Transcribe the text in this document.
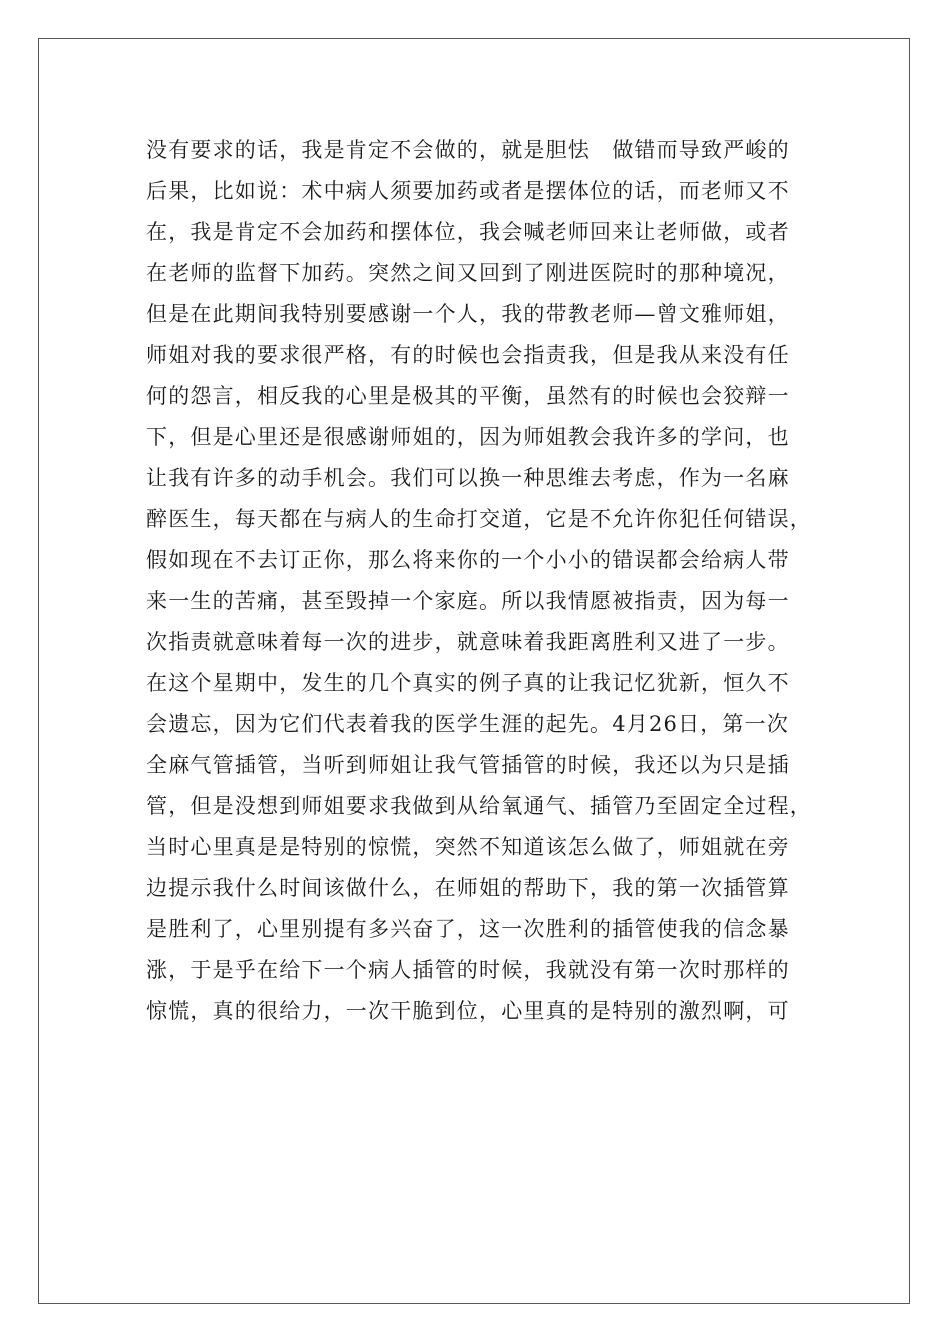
没有要求的话，我是肯定不会做的，就是胆怯　做错而导致严峻的
后果，比如说：术中病人须要加药或者是摆体位的话，而老师又不
在，我是肯定不会加药和摆体位，我会喊老师回来让老师做，或者
在老师的监督下加药。突然之间又回到了刚进医院时的那种境况，
但是在此期间我特别要感谢一个人，我的带教老师—曾文雅师姐，
师姐对我的要求很严格，有的时候也会指责我，但是我从来没有任
何的怨言，相反我的心里是极其的平衡，虽然有的时候也会狡辩一
下，但是心里还是很感谢师姐的，因为师姐教会我许多的学问，也
让我有许多的动手机会。我们可以换一种思维去考虑，作为一名麻
醉医生，每天都在与病人的生命打交道，它是不允许你犯任何错误，
假如现在不去订正你，那么将来你的一个小小的错误都会给病人带
来一生的苦痛，甚至毁掉一个家庭。所以我情愿被指责，因为每一
次指责就意味着每一次的进步，就意味着我距离胜利又进了一步。
在这个星期中，发生的几个真实的例子真的让我记忆犹新，恒久不
会遗忘，因为它们代表着我的医学生涯的起先。4月26日，第一次
全麻气管插管，当听到师姐让我气管插管的时候，我还以为只是插
管，但是没想到师姐要求我做到从给氧通气、插管乃至固定全过程，
当时心里真是是特别的惊慌，突然不知道该怎么做了，师姐就在旁
边提示我什么时间该做什么，在师姐的帮助下，我的第一次插管算
是胜利了，心里别提有多兴奋了，这一次胜利的插管使我的信念暴
涨，于是乎在给下一个病人插管的时候，我就没有第一次时那样的
惊慌，真的很给力，一次干脆到位，心里真的是特别的激烈啊，可
